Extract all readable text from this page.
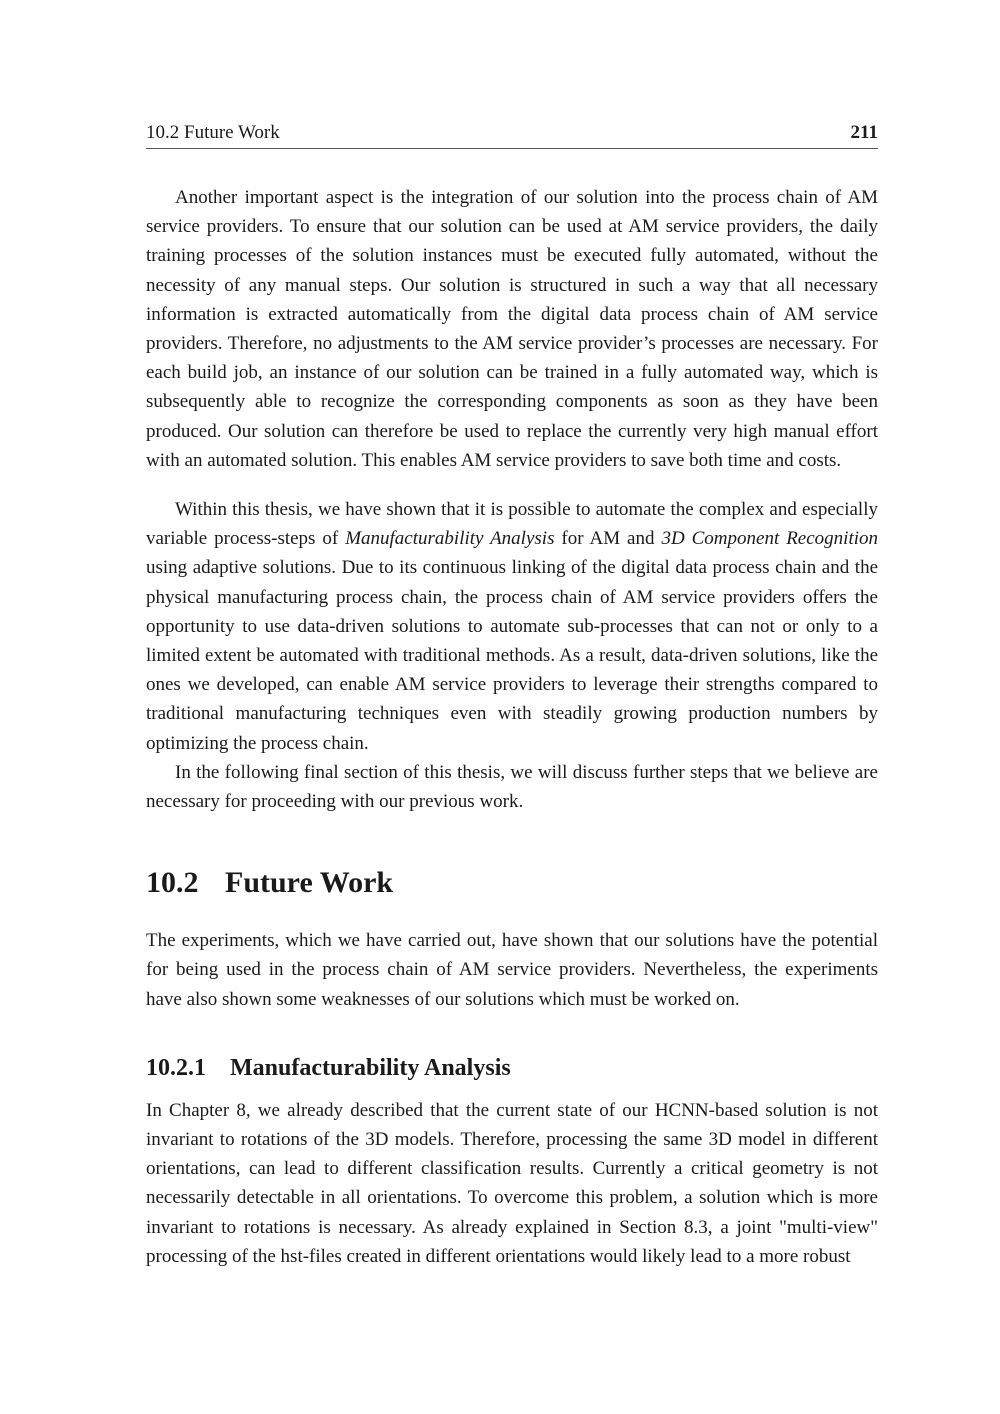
10.2 Future Work	211

Another important aspect is the integration of our solution into the process chain of AM service providers. To ensure that our solution can be used at AM service providers, the daily training processes of the solution instances must be executed fully automated, without the necessity of any manual steps. Our solution is structured in such a way that all necessary information is extracted automatically from the digital data process chain of AM service providers. Therefore, no adjustments to the AM service provider’s processes are necessary. For each build job, an instance of our solution can be trained in a fully automated way, which is subsequently able to recognize the corresponding components as soon as they have been produced. Our solution can therefore be used to replace the currently very high manual effort with an automated solution. This enables AM service providers to save both time and costs.

Within this thesis, we have shown that it is possible to automate the complex and especially variable process-steps of Manufacturability Analysis for AM and 3D Component Recognition using adaptive solutions. Due to its continuous linking of the digital data process chain and the physical manufacturing process chain, the process chain of AM service providers offers the opportunity to use data-driven solutions to automate sub-processes that can not or only to a limited extent be automated with traditional methods. As a result, data-driven solutions, like the ones we developed, can enable AM service providers to leverage their strengths compared to traditional manufacturing techniques even with steadily growing production numbers by optimizing the process chain.

In the following final section of this thesis, we will discuss further steps that we believe are necessary for proceeding with our previous work.

10.2 Future Work

The experiments, which we have carried out, have shown that our solutions have the potential for being used in the process chain of AM service providers. Nevertheless, the experiments have also shown some weaknesses of our solutions which must be worked on.

10.2.1	Manufacturability Analysis

In Chapter 8, we already described that the current state of our HCNN-based solution is not invariant to rotations of the 3D models. Therefore, processing the same 3D model in different orientations, can lead to different classification results. Currently a critical geometry is not necessarily detectable in all orientations. To overcome this problem, a solution which is more invariant to rotations is necessary. As already explained in Section 8.3, a joint "multi-view" processing of the hst-files created in different orientations would likely lead to a more robust
